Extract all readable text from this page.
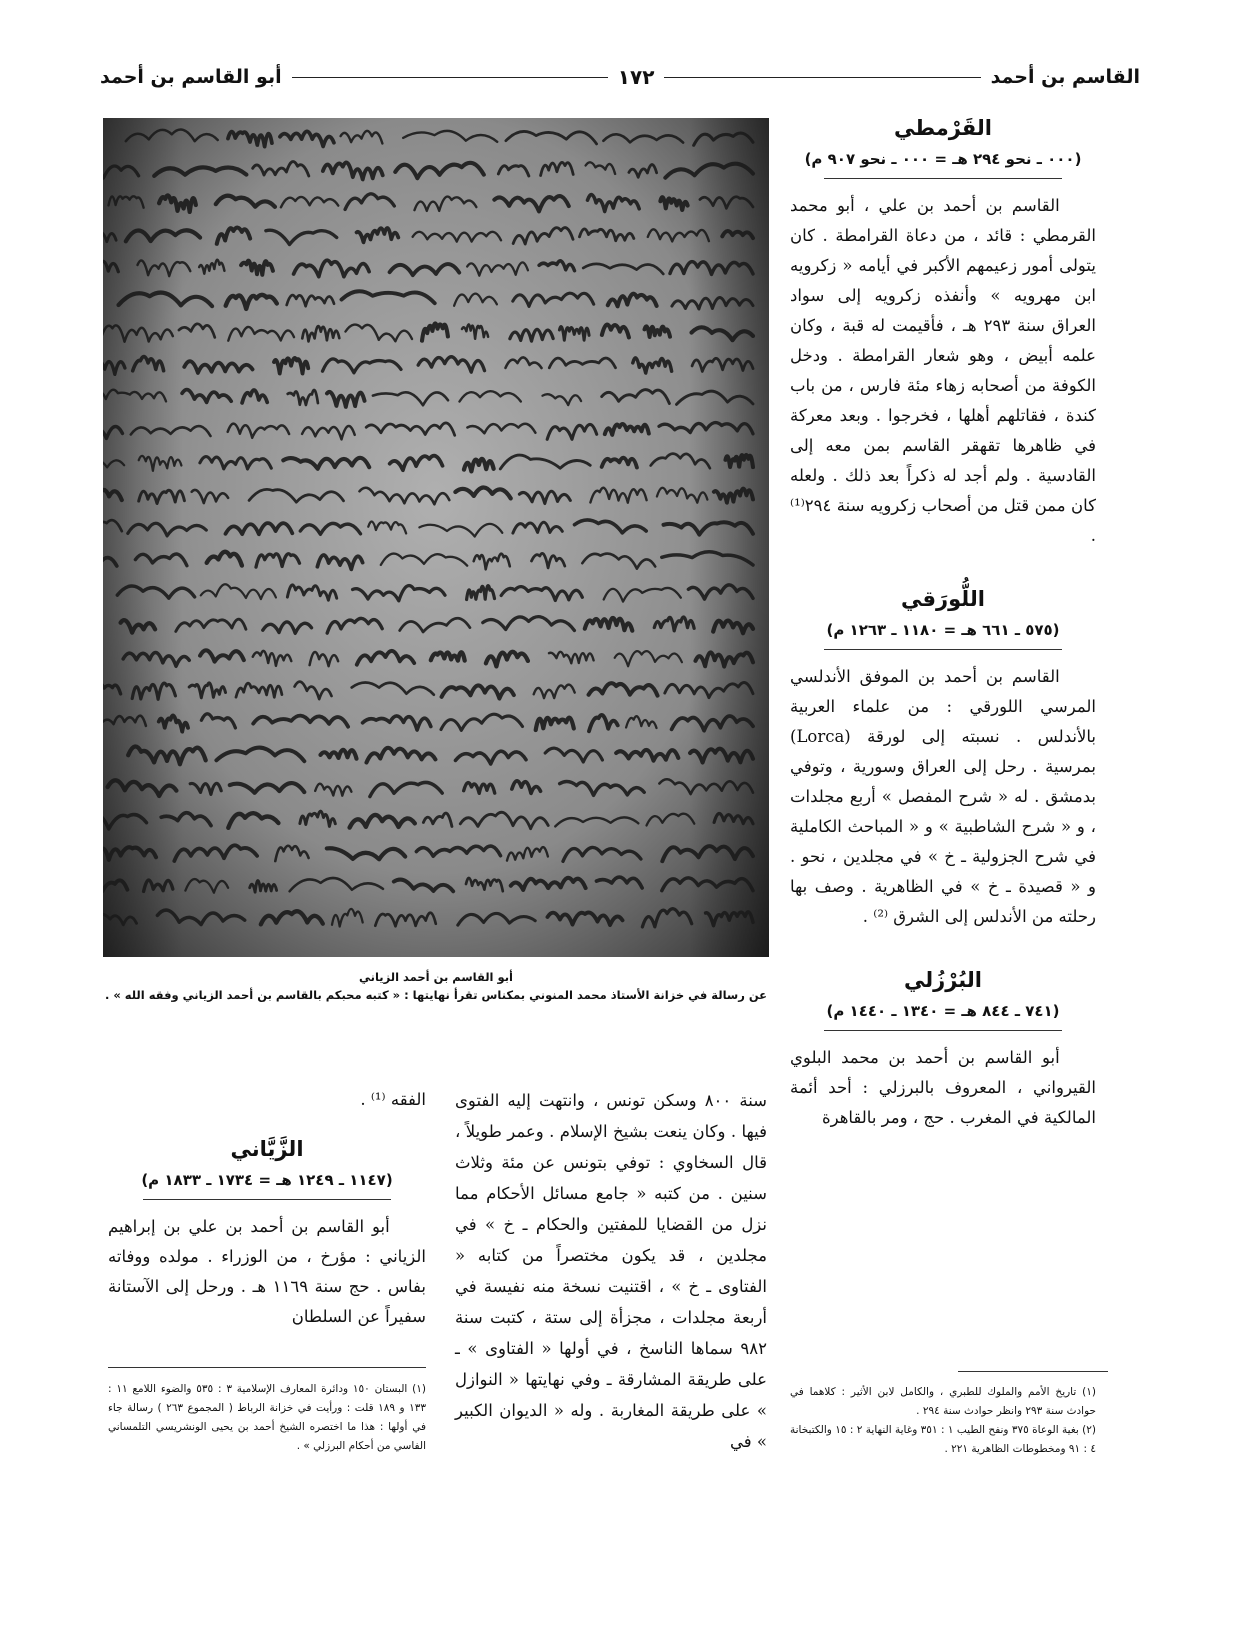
القاسم بن أحمد
١٧٢
أبو القاسم بن أحمد
القَرْمطي
(٠٠٠ ـ نحو ٢٩٤ هـ = ٠٠٠ ـ نحو ٩٠٧ م)

القاسم بن أحمد بن علي ، أبو محمد القرمطي : قائد ، من دعاة القرامطة . كان يتولى أمور زعيمهم الأكبر في أيامه « زكرويه ابن مهرويه » وأنفذه زكرويه إلى سواد العراق سنة ٢٩٣ هـ ، فأقيمت له قبة ، وكان علمه أبيض ، وهو شعار القرامطة . ودخل الكوفة من أصحابه زهاء مئة فارس ، من باب كندة ، فقاتلهم أهلها ، فخرجوا . وبعد معركة في ظاهرها تقهقر القاسم بمن معه إلى القادسية . ولم أجد له ذكراً بعد ذلك . ولعله كان ممن قتل من أصحاب زكرويه سنة ٢٩٤⁽¹⁾ .

اللُّورَقي
(٥٧٥ ـ ٦٦١ هـ = ١١٨٠ ـ ١٢٦٣ م)

القاسم بن أحمد بن الموفق الأندلسي المرسي اللورقي : من علماء العربية بالأندلس . نسبته إلى لورقة (Lorca) بمرسية . رحل إلى العراق وسورية ، وتوفي بدمشق . له « شرح المفصل » أربع مجلدات ، و « شرح الشاطبية » و « المباحث الكاملية في شرح الجزولية ـ خ » في مجلدين ، نحو . و « قصيدة ـ خ » في الظاهرية . وصف بها رحلته من الأندلس إلى الشرق ⁽²⁾ .

البُرْزُلي
(٧٤١ ـ ٨٤٤ هـ = ١٣٤٠ ـ ١٤٤٠ م)

أبو القاسم بن أحمد بن محمد البلوي القيرواني ، المعروف بالبرزلي : أحد أئمة المالكية في المغرب . حج ، ومر بالقاهرة

أبو القاسم بن أحمد الزياني
عن رسالة في خزانة الأستاذ محمد المنوني بمكناس تقرأ نهايتها : « كتبه محبكم بالقاسم بن أحمد الزياني وفقه الله » .

سنة ٨٠٠ وسكن تونس ، وانتهت إليه الفتوى فيها . وكان ينعت بشيخ الإسلام . وعمر طويلاً ، قال السخاوي : توفي بتونس عن مئة وثلاث سنين . من كتبه « جامع مسائل الأحكام مما نزل من القضايا للمفتين والحكام ـ خ » في مجلدين ، قد يكون مختصراً من كتابه « الفتاوى ـ خ » ، اقتنيت نسخة منه نفيسة في أربعة مجلدات ، مجزأة إلى ستة ، كتبت سنة ٩٨٢ سماها الناسخ ، في أولها « الفتاوى » ـ على طريقة المشارقة ـ وفي نهايتها « النوازل » على طريقة المغاربة . وله « الديوان الكبير » في

الفقه ⁽¹⁾ .

الزَّيَّاني
(١١٤٧ ـ ١٢٤٩ هـ = ١٧٣٤ ـ ١٨٣٣ م)

أبو القاسم بن أحمد بن علي بن إبراهيم الزياني : مؤرخ ، من الوزراء . مولده ووفاته بفاس . حج سنة ١١٦٩ هـ . ورحل إلى الآستانة سفيراً عن السلطان

(١) تاريخ الأمم والملوك للطبري ، والكامل لابن الأثير : كلاهما في حوادث سنة ٢٩٣ وانظر حوادث سنة ٢٩٤ .

(٢) بغية الوعاة ٣٧٥ ونفح الطيب ١ : ٣٥١ وغاية النهاية ٢ : ١٥ والكتبخانة ٤ : ٩١ ومخطوطات الظاهرية ٢٢١ .

(١) البستان ١٥٠ ودائرة المعارف الإسلامية ٣ : ٥٣٥ والضوء اللامع ١١ : ١٣٣ و ١٨٩ قلت : ورأيت في خزانة الرباط ( المجموع ٢٦٣ ) رسالة جاء في أولها : هذا ما اختصره الشيخ أحمد بن يحيى الونشريسي التلمساني الفاسي من أحكام البرزلي » .
